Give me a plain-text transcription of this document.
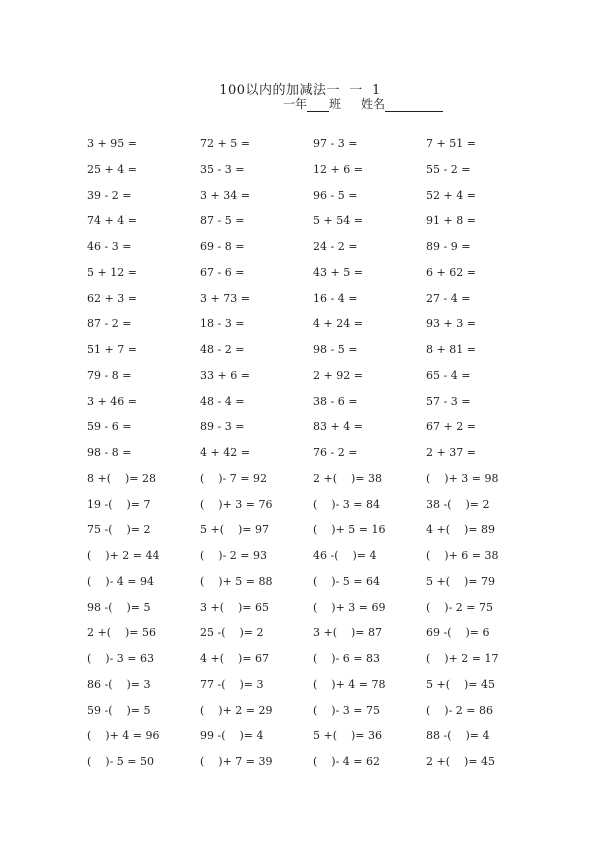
100以内的加减法一  一  1
一年 班 姓名
3 + 95 =	72 + 5 =	97 - 3 =	7 + 51 =
25 + 4 =	35 - 3 =	12 + 6 =	55 - 2 =
39 - 2 =	3 + 34 =	96 - 5 =	52 + 4 =
74 + 4 =	87 - 5 =	5 + 54 =	91 + 8 =
46 - 3 =	69 - 8 =	24 - 2 =	89 - 9 =
5 + 12 =	67 - 6 =	43 + 5 =	6 + 62 =
62 + 3 =	3 + 73 =	16 - 4 =	27 - 4 =
87 - 2 =	18 - 3 =	4 + 24 =	93 + 3 =
51 + 7 =	48 - 2 =	98 - 5 =	8 + 81 =
79 - 8 =	33 + 6 =	2 + 92 =	65 - 4 =
3 + 46 =	48 - 4 =	38 - 6 =	57 - 3 =
59 - 6 =	89 - 3 =	83 + 4 =	67 + 2 =
98 - 8 =	4 + 42 =	76 - 2 =	2 + 37 =
8 +(    )= 28	(    )- 7 = 92	2 +(    )= 38	(    )+ 3 = 98
19 -(    )= 7	(    )+ 3 = 76	(    )- 3 = 84	38 -(    )= 2
75 -(    )= 2	5 +(    )= 97	(    )+ 5 = 16	4 +(    )= 89
(    )+ 2 = 44	(    )- 2 = 93	46 -(    )= 4	(    )+ 6 = 38
(    )- 4 = 94	(    )+ 5 = 88	(    )- 5 = 64	5 +(    )= 79
98 -(    )= 5	3 +(    )= 65	(    )+ 3 = 69	(    )- 2 = 75
2 +(    )= 56	25 -(    )= 2	3 +(    )= 87	69 -(    )= 6
(    )- 3 = 63	4 +(    )= 67	(    )- 6 = 83	(    )+ 2 = 17
86 -(    )= 3	77 -(    )= 3	(    )+ 4 = 78	5 +(    )= 45
59 -(    )= 5	(    )+ 2 = 29	(    )- 3 = 75	(    )- 2 = 86
(    )+ 4 = 96	99 -(    )= 4	5 +(    )= 36	88 -(    )= 4
(    )- 5 = 50	(    )+ 7 = 39	(    )- 4 = 62	2 +(    )= 45
